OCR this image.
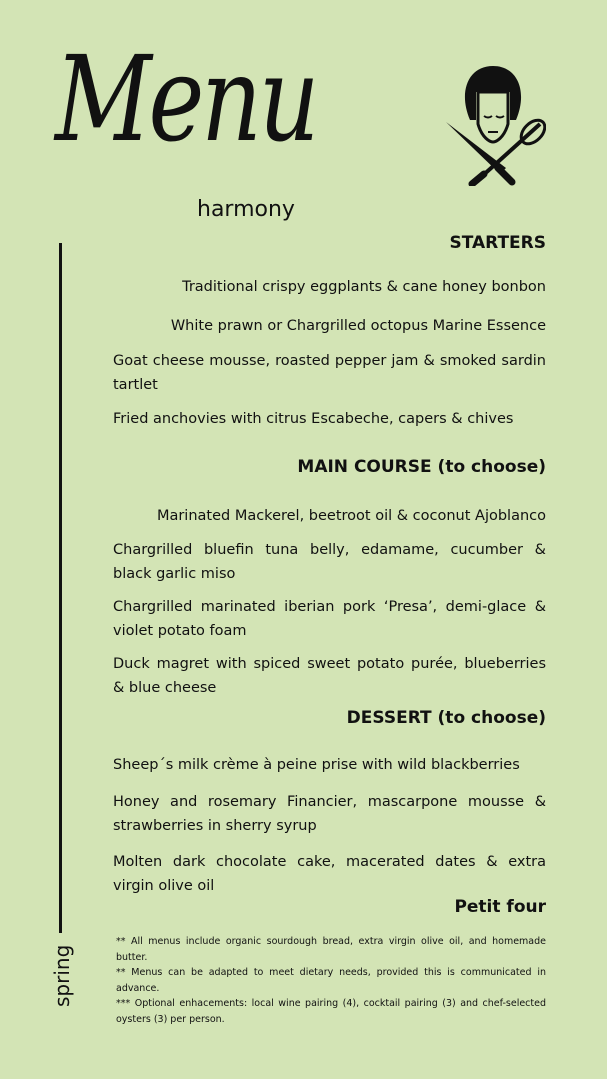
Menu
harmony
spring
STARTERS
Traditional crispy eggplants & cane honey bonbon
White prawn or Chargrilled octopus Marine Essence
Goat cheese mousse, roasted pepper jam & smoked sardin tartlet
Fried anchovies with citrus Escabeche, capers & chives
MAIN COURSE (to choose)
Marinated Mackerel, beetroot oil & coconut Ajoblanco
Chargrilled bluefin tuna belly, edamame, cucumber & black garlic miso
Chargrilled marinated iberian pork ‘Presa’, demi-glace & violet potato foam
Duck magret with spiced sweet potato purée, blueberries & blue cheese
DESSERT (to choose)
Sheep´s milk crème à peine prise with wild blackberries
Honey and rosemary Financier, mascarpone mousse & strawberries in sherry syrup
Molten dark chocolate cake, macerated dates & extra virgin olive oil
Petit four
** All menus include organic sourdough bread, extra virgin olive oil, and homemade butter.
** Menus can be adapted to meet dietary needs, provided this is communicated in advance.
*** Optional enhacements: local wine pairing (4), cocktail pairing (3) and chef-selected oysters (3) per person.
